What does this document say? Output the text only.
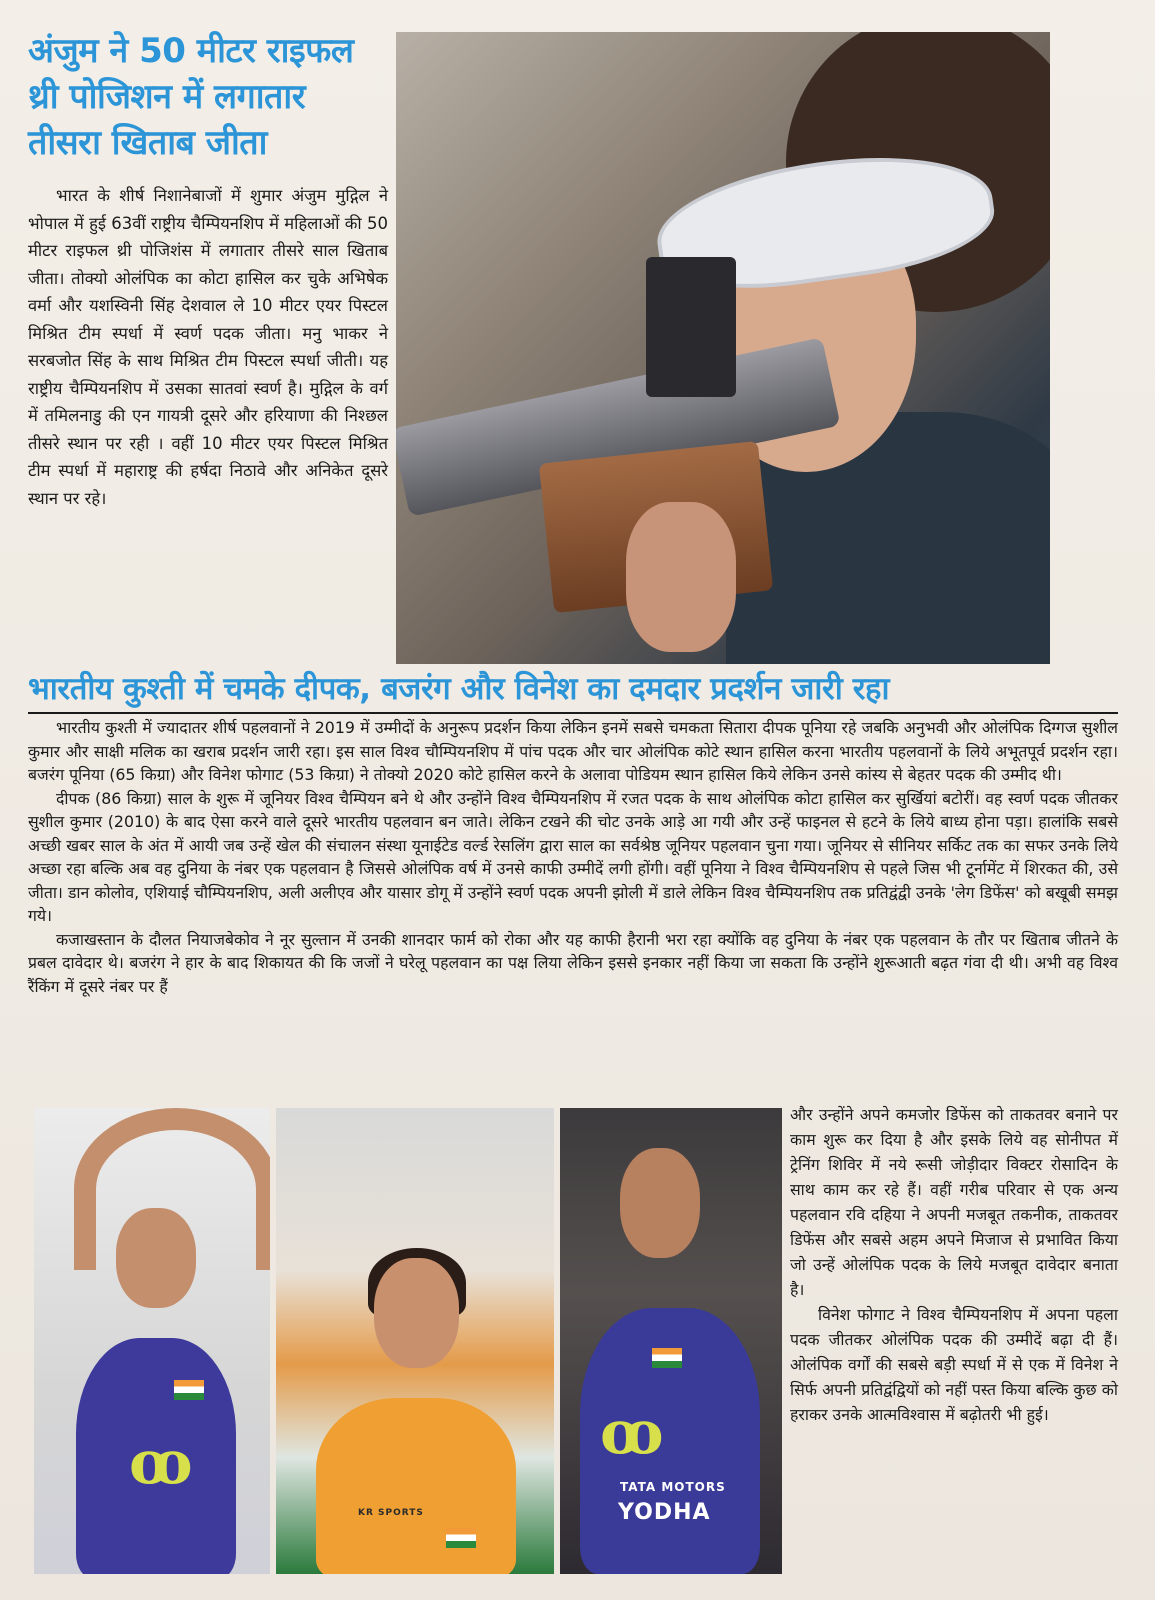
अंजुम ने 50 मीटर राइफल थ्री पोजिशन में लगातार तीसरा खिताब जीता

भारत के शीर्ष निशानेबाजों में शुमार अंजुम मुद्गिल ने भोपाल में हुई 63वीं राष्ट्रीय चैम्पियनशिप में महिलाओं की 50 मीटर राइफल थ्री पोजिशंस में लगातार तीसरे साल खिताब जीता। तोक्यो ओलंपिक का कोटा हासिल कर चुके अभिषेक वर्मा और यशस्विनी सिंह देशवाल ले 10 मीटर एयर पिस्टल मिश्रित टीम स्पर्धा में स्वर्ण पदक जीता। मनु भाकर ने सरबजोत सिंह के साथ मिश्रित टीम पिस्टल स्पर्धा जीती। यह राष्ट्रीय चैम्पियनशिप में उसका सातवां स्वर्ण है। मुद्गिल के वर्ग में तमिलनाडु की एन गायत्री दूसरे और हरियाणा की निश्छल तीसरे स्थान पर रही । वहीं 10 मीटर एयर पिस्टल मिश्रित टीम स्पर्धा में महाराष्ट्र की हर्षदा निठावे और अनिकेत दूसरे स्थान पर रहे।

भारतीय कुश्ती में चमके दीपक, बजरंग और विनेश का दमदार प्रदर्शन जारी रहा

भारतीय कुश्ती में ज्यादातर शीर्ष पहलवानों ने 2019 में उम्मीदों के अनुरूप प्रदर्शन किया लेकिन इनमें सबसे चमकता सितारा दीपक पूनिया रहे जबकि अनुभवी और ओलंपिक दिग्गज सुशील कुमार और साक्षी मलिक का खराब प्रदर्शन जारी रहा। इस साल विश्व चौम्पियनशिप में पांच पदक और चार ओलंपिक कोटे स्थान हासिल करना भारतीय पहलवानों के लिये अभूतपूर्व प्रदर्शन रहा। बजरंग पूनिया (65 किग्रा) और विनेश फोगाट (53 किग्रा) ने तोक्यो 2020 कोटे हासिल करने के अलावा पोडियम स्थान हासिल किये लेकिन उनसे कांस्य से बेहतर पदक की उम्मीद थी।

दीपक (86 किग्रा) साल के शुरू में जूनियर विश्व चैम्पियन बने थे और उन्होंने विश्व चैम्पियनशिप में रजत पदक के साथ ओलंपिक कोटा हासिल कर सुर्खियां बटोरीं। वह स्वर्ण पदक जीतकर सुशील कुमार (2010) के बाद ऐसा करने वाले दूसरे भारतीय पहलवान बन जाते। लेकिन टखने की चोट उनके आड़े आ गयी और उन्हें फाइनल से हटने के लिये बाध्य होना पड़ा। हालांकि सबसे अच्छी खबर साल के अंत में आयी जब उन्हें खेल की संचालन संस्था यूनाईटेड वर्ल्ड रेसलिंग द्वारा साल का सर्वश्रेष्ठ जूनियर पहलवान चुना गया। जूनियर से सीनियर सर्किट तक का सफर उनके लिये अच्छा रहा बल्कि अब वह दुनिया के नंबर एक पहलवान है जिससे ओलंपिक वर्ष में उनसे काफी उम्मीदें लगी होंगी। वहीं पूनिया ने विश्व चैम्पियनशिप से पहले जिस भी टूर्नामेंट में शिरकत की, उसे जीता। डान कोलोव, एशियाई चौम्पियनशिप, अली अलीएव और यासार डोगू में उन्होंने स्वर्ण पदक अपनी झोली में डाले लेकिन विश्व चैम्पियनशिप तक प्रतिद्वंद्वी उनके 'लेग डिफेंस' को बखूबी समझ गये।

कजाखस्तान के दौलत नियाजबेकोव ने नूर सुल्तान में उनकी शानदार फार्म को रोका और यह काफी हैरानी भरा रहा क्योंकि वह दुनिया के नंबर एक पहलवान के तौर पर खिताब जीतने के प्रबल दावेदार थे। बजरंग ने हार के बाद शिकायत की कि जजों ने घरेलू पहलवान का पक्ष लिया लेकिन इससे इनकार नहीं किया जा सकता कि उन्होंने शुरूआती बढ़त गंवा दी थी। अभी वह विश्व रैंकिंग में दूसरे नंबर पर हैं

ꝏ
KR SPORTS
ꝏ
TATA MOTORS
YODHA

और उन्होंने अपने कमजोर डिफेंस को ताकतवर बनाने पर काम शुरू कर दिया है और इसके लिये वह सोनीपत में ट्रेनिंग शिविर में नये रूसी जोड़ीदार विक्टर रोसादिन के साथ काम कर रहे हैं। वहीं गरीब परिवार से एक अन्य पहलवान रवि दहिया ने अपनी मजबूत तकनीक, ताकतवर डिफेंस और सबसे अहम अपने मिजाज से प्रभावित किया जो उन्हें ओलंपिक पदक के लिये मजबूत दावेदार बनाता है।

विनेश फोगाट ने विश्व चैम्पियनशिप में अपना पहला पदक जीतकर ओलंपिक पदक की उम्मीदें बढ़ा दी हैं। ओलंपिक वर्गों की सबसे बड़ी स्पर्धा में से एक में विनेश ने सिर्फ अपनी प्रतिद्वंद्वियों को नहीं पस्त किया बल्कि कुछ को हराकर उनके आत्मविश्वास में बढ़ोतरी भी हुई।
